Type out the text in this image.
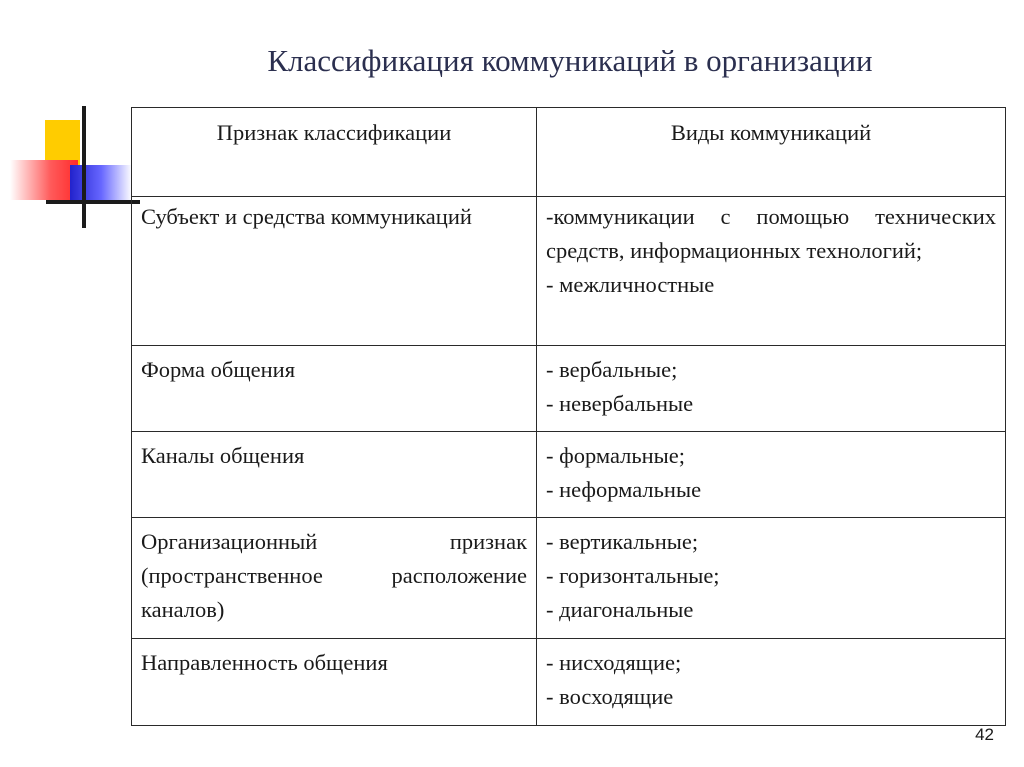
Классификация коммуникаций в организации
Признак классификации	Виды коммуникаций
Субъект и средства коммуникаций	-коммуникации с помощью технических средств, информационных технологий;
- межличностные

Форма общения	- вербальные;
- невербальные

Каналы общения	- формальные;
- неформальные

Организационный признак (пространственное расположение каналов)	- вертикальные;
- горизонтальные;
- диагональные

Направленность общения	- нисходящие;
- восходящие
42
